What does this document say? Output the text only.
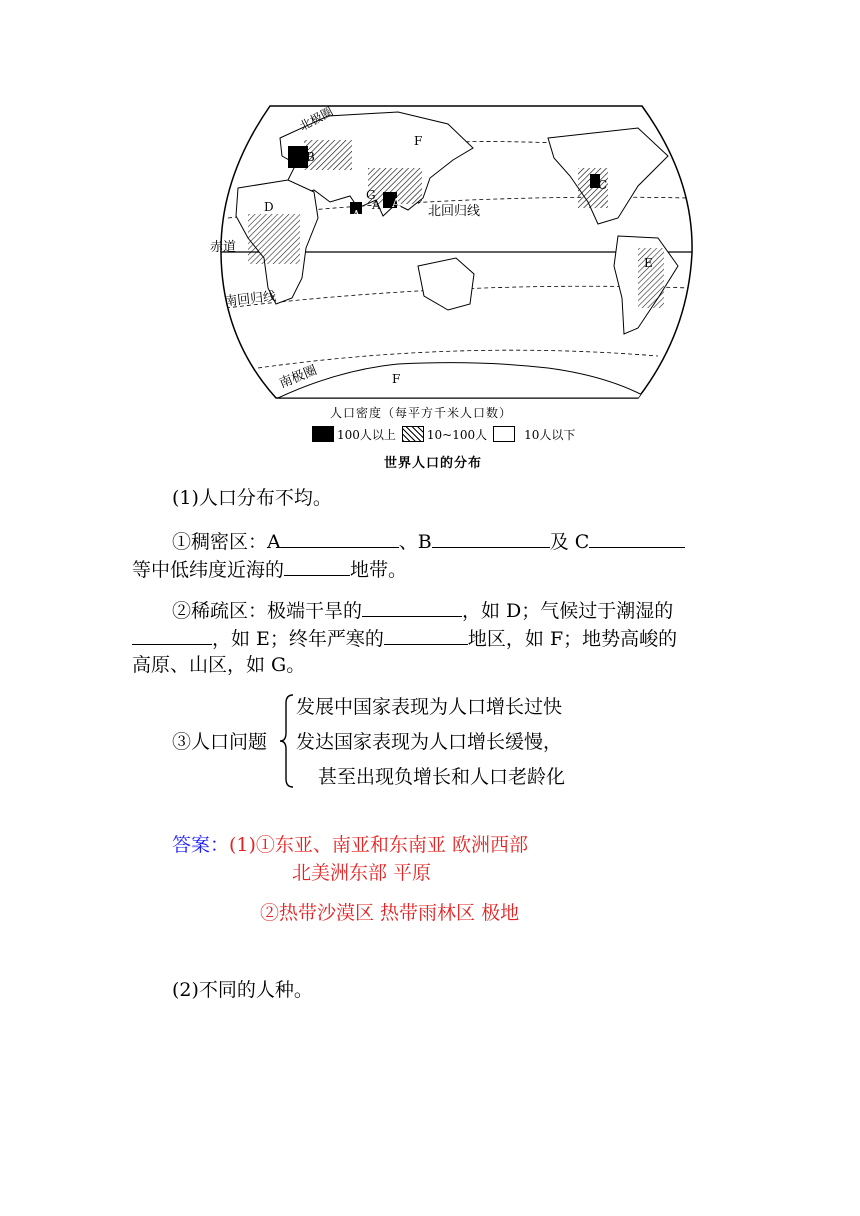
北极圈
北回归线
赤道
南回归线
南极圈
B
G
A
A A
D
F
C
E
F
人口密度（每平方千米人口数）
100人以上	10~100人	10人以下
世界人口的分布
(1)人口分布不均。
①稠密区：A	、B	及 C
等中低纬度近海的	地带。
②稀疏区：极端干旱的	，如 D；气候过于潮湿的
，如 E；终年严寒的	地区，如 F；地势高峻的
高原、山区，如 G。
③人口问题
发展中国家表现为人口增长过快
发达国家表现为人口增长缓慢，
甚至出现负增长和人口老龄化
答案：(1)①东亚、南亚和东南亚 欧洲西部
北美洲东部 平原
②热带沙漠区 热带雨林区 极地
(2)不同的人种。
